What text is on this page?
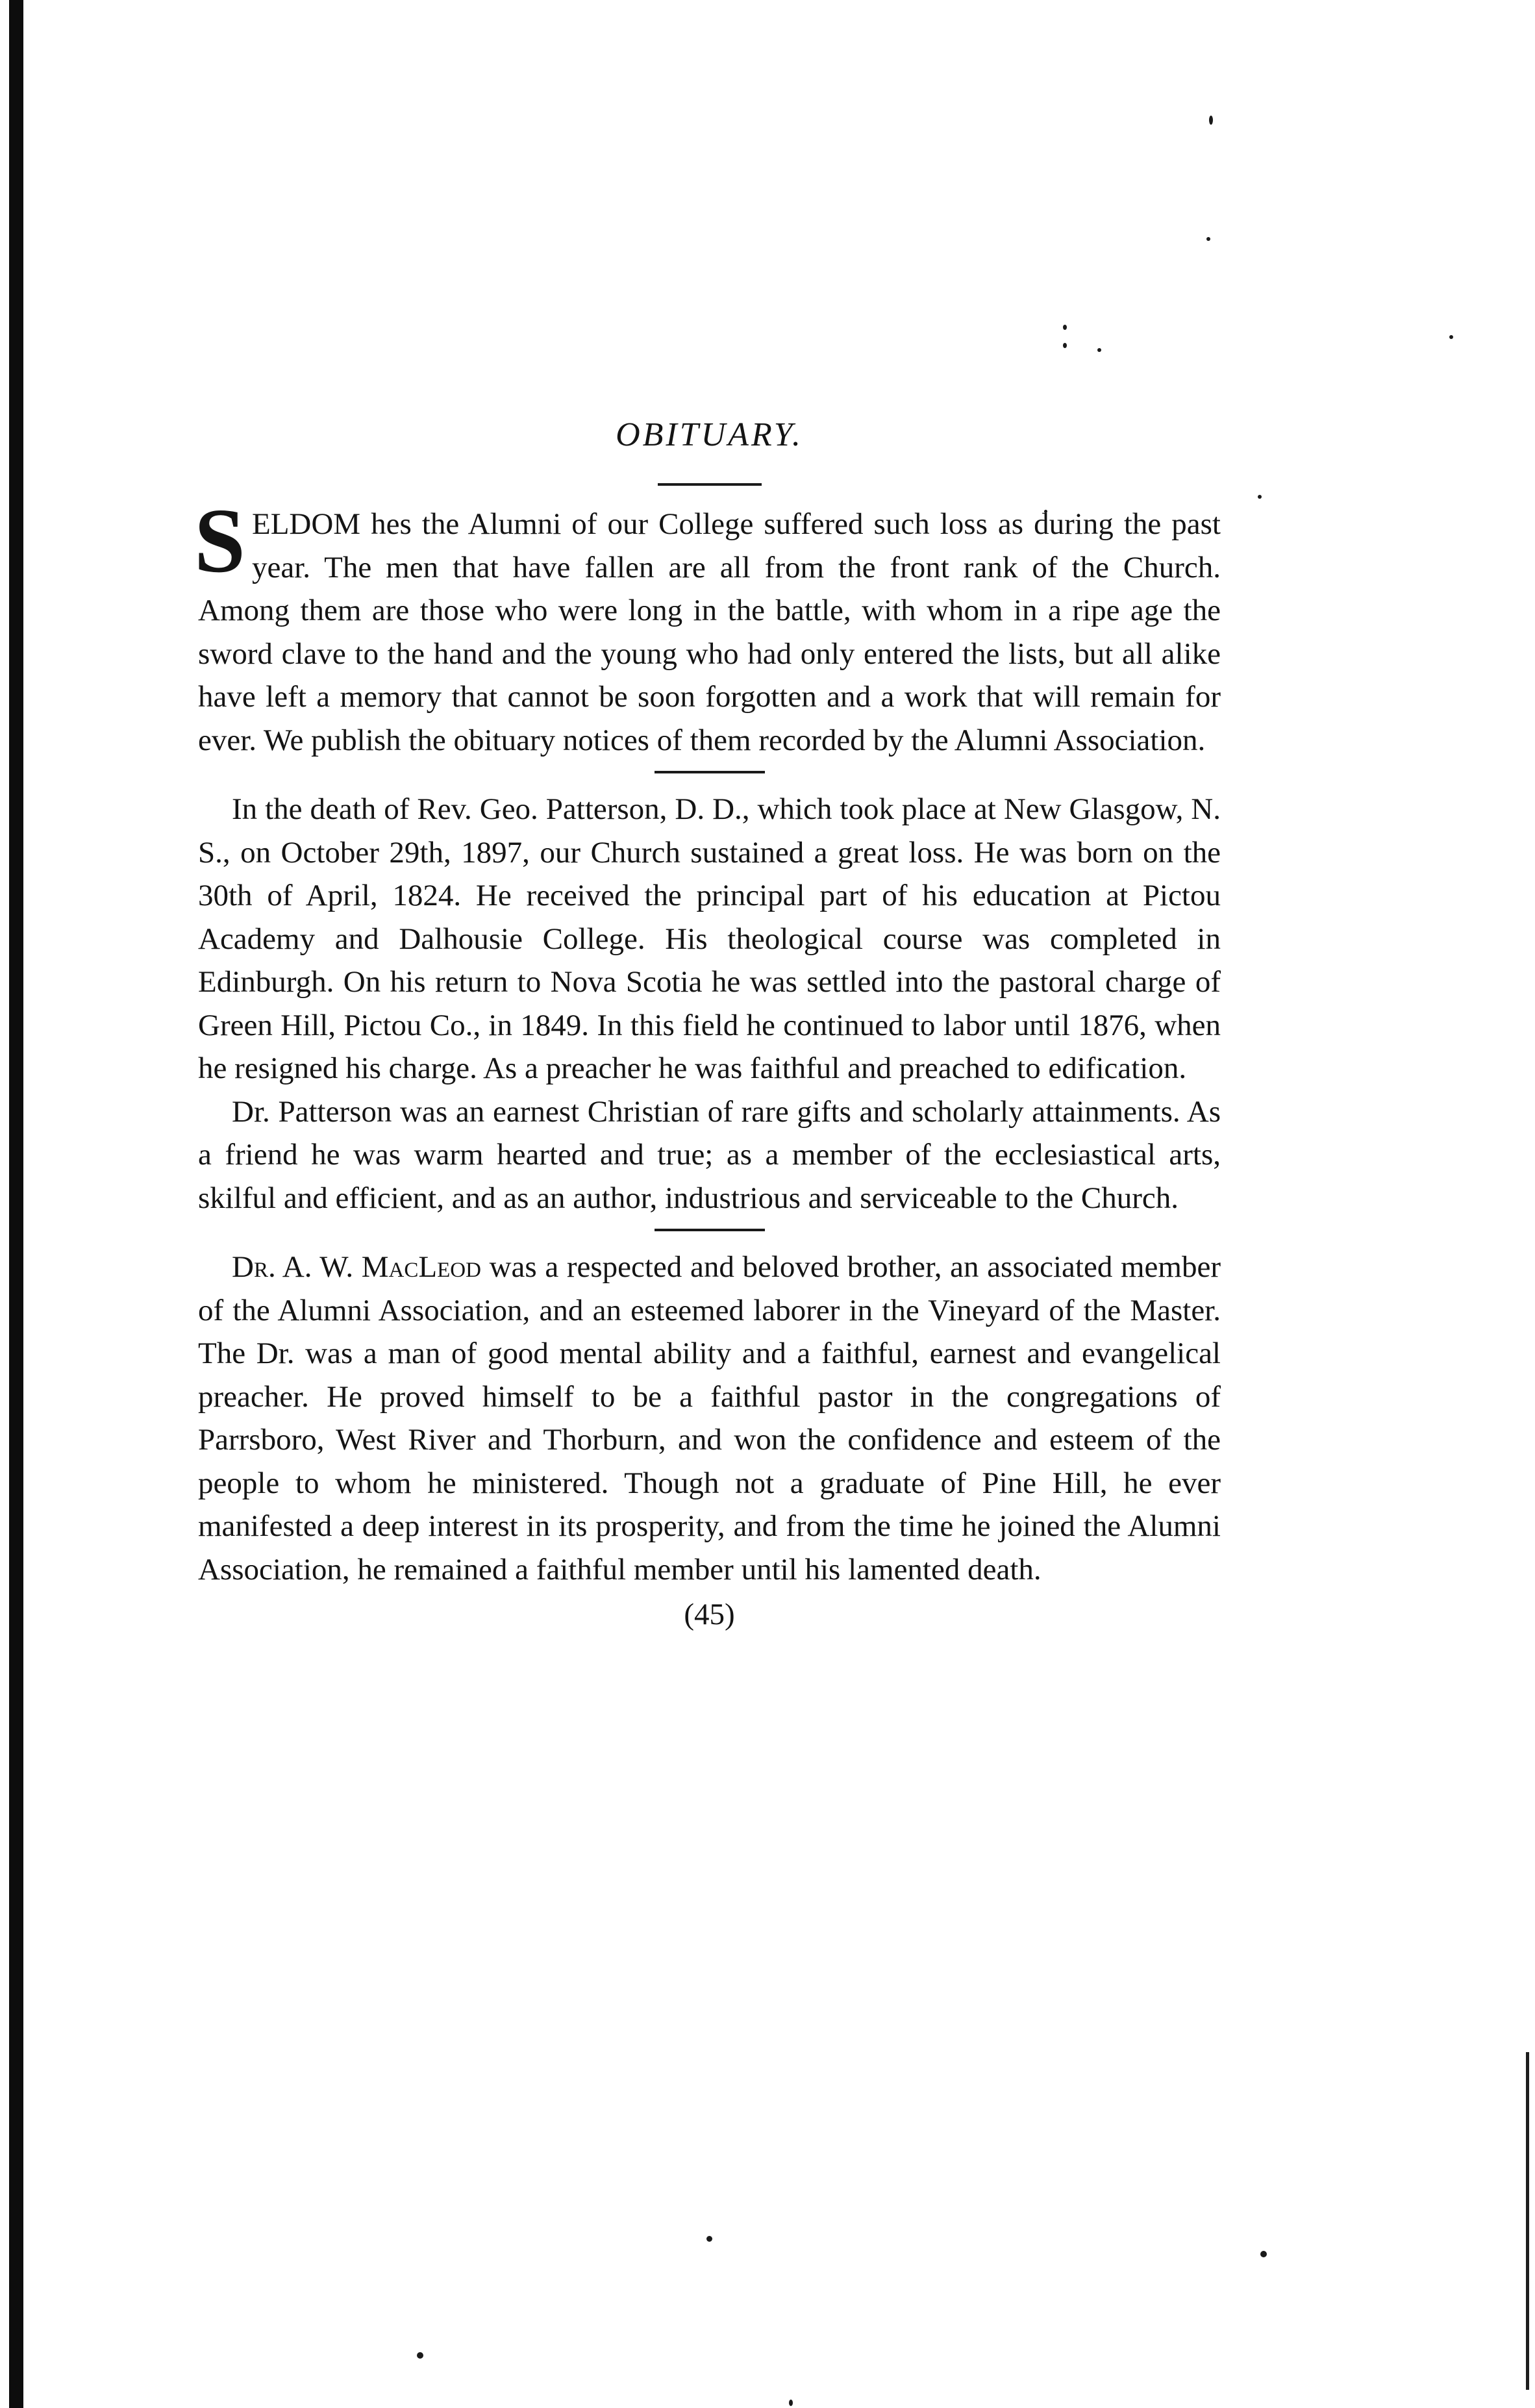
OBITUARY.

SELDOM hes the Alumni of our College suffered such loss as during the past year. The men that have fallen are all from the front rank of the Church. Among them are those who were long in the battle, with whom in a ripe age the sword clave to the hand and the young who had only entered the lists, but all alike have left a memory that cannot be soon forgotten and a work that will remain for ever. We publish the obituary notices of them recorded by the Alumni Association.

In the death of Rev. Geo. Patterson, D. D., which took place at New Glasgow, N. S., on October 29th, 1897, our Church sustained a great loss. He was born on the 30th of April, 1824. He received the principal part of his education at Pictou Academy and Dalhousie College. His theological course was completed in Edinburgh. On his return to Nova Scotia he was settled into the pastoral charge of Green Hill, Pictou Co., in 1849. In this field he continued to labor until 1876, when he resigned his charge. As a preacher he was faithful and preached to edification.

Dr. Patterson was an earnest Christian of rare gifts and scholarly attainments. As a friend he was warm hearted and true; as a member of the ecclesiastical arts, skilful and efficient, and as an author, industrious and serviceable to the Church.

Dr. A. W. MacLeod was a respected and beloved brother, an associated member of the Alumni Association, and an esteemed laborer in the Vineyard of the Master. The Dr. was a man of good mental ability and a faithful, earnest and evangelical preacher. He proved himself to be a faithful pastor in the congregations of Parrsboro, West River and Thorburn, and won the confidence and esteem of the people to whom he ministered. Though not a graduate of Pine Hill, he ever manifested a deep interest in its prosperity, and from the time he joined the Alumni Association, he remained a faithful member until his lamented death.

(45)
